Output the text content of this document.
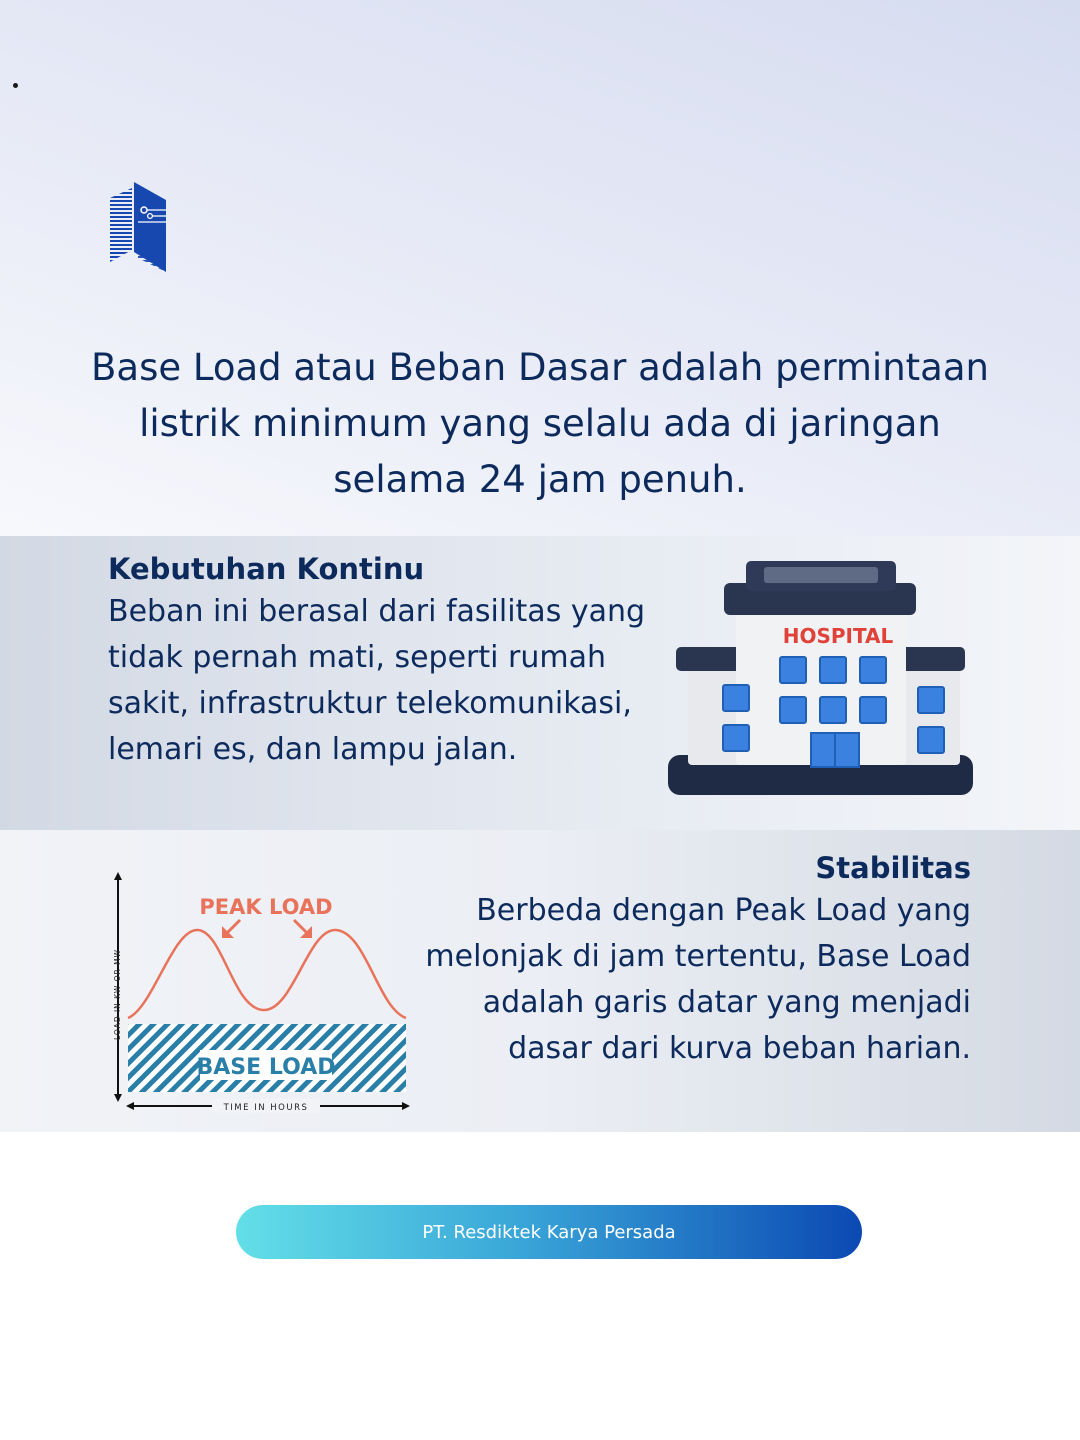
Base Load atau Beban Dasar adalah permintaan listrik minimum yang selalu ada di jaringan selama 24 jam penuh.
Kebutuhan Kontinu
Beban ini berasal dari fasilitas yang tidak pernah mati, seperti rumah sakit, infrastruktur telekomunikasi, lemari es, dan lampu jalan.
HOSPITAL
Stabilitas
Berbeda dengan Peak Load yang melonjak di jam tertentu, Base Load adalah garis datar yang menjadi dasar dari kurva beban harian.
LOAD IN KW OR MW
BASE LOAD
PEAK LOAD
TIME IN HOURS
PT. Resdiktek Karya Persada
